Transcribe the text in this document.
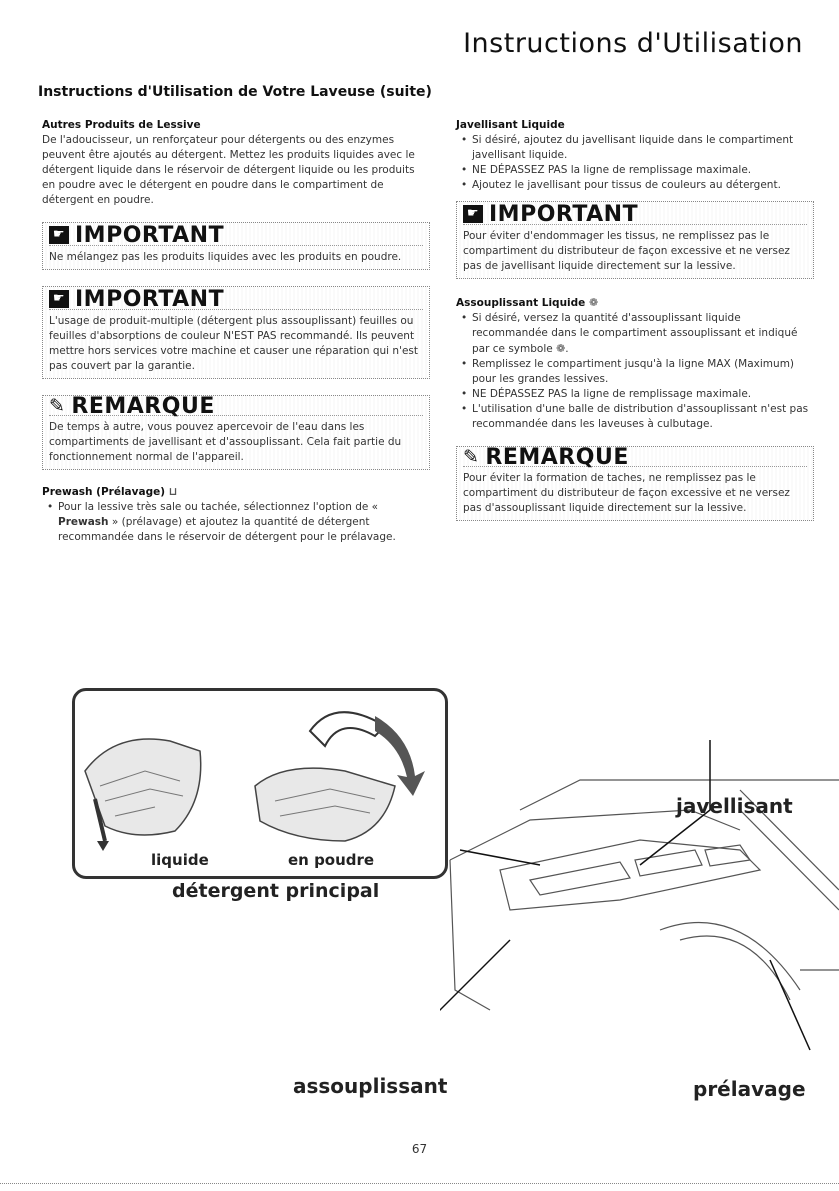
Instructions d'Utilisation
Instructions d'Utilisation de Votre Laveuse (suite)
Autres Produits de Lessive

De l'adoucisseur, un renforçateur pour détergents ou des enzymes peuvent être ajoutés au détergent. Mettez les produits liquides avec le détergent liquide dans le réservoir de détergent liquide ou les produits en poudre avec le détergent en poudre dans le compartiment de détergent en poudre.

☛ IMPORTANT
Ne mélangez pas les produits liquides avec les produits en poudre.
☛ IMPORTANT
L'usage de produit-multiple (détergent plus assouplissant) feuilles ou feuilles d'absorptions de couleur N'EST PAS recommandé. Ils peuvent mettre hors services votre machine et causer une réparation qui n'est pas couvert par la garantie.
✎ REMARQUE
De temps à autre, vous pouvez apercevoir de l'eau dans les compartiments de javellisant et d'assouplissant. Cela fait partie du fonctionnement normal de l'appareil.
Prewash (Prélavage) ⊔
• Pour la lessive très sale ou tachée, sélectionnez l'option de « Prewash » (prélavage) et ajoutez la quantité de détergent recommandée dans le réservoir de détergent pour le prélavage.
Javellisant Liquide
• Si désiré, ajoutez du javellisant liquide dans le compartiment javellisant liquide.
• NE DÉPASSEZ PAS la ligne de remplissage maximale.
• Ajoutez le javellisant pour tissus de couleurs au détergent.
☛ IMPORTANT
Pour éviter d'endommager les tissus, ne remplissez pas le compartiment du distributeur de façon excessive et ne versez pas de javellisant liquide directement sur la lessive.
Assouplissant Liquide ❁
• Si désiré, versez la quantité d'assouplissant liquide recommandée dans le compartiment assouplissant et indiqué par ce symbole ❁.
• Remplissez le compartiment jusqu'à la ligne MAX (Maximum) pour les grandes lessives.
• NE DÉPASSEZ PAS la ligne de remplissage maximale.
• L'utilisation d'une balle de distribution d'assouplissant n'est pas recommandée dans les laveuses à culbutage.
✎ REMARQUE
Pour éviter la formation de taches, ne remplissez pas le compartiment du distributeur de façon excessive et ne versez pas d'assouplissant liquide directement sur la lessive.
liquide	en poudre
détergent principal
javellisant
assouplissant	prélavage
67
